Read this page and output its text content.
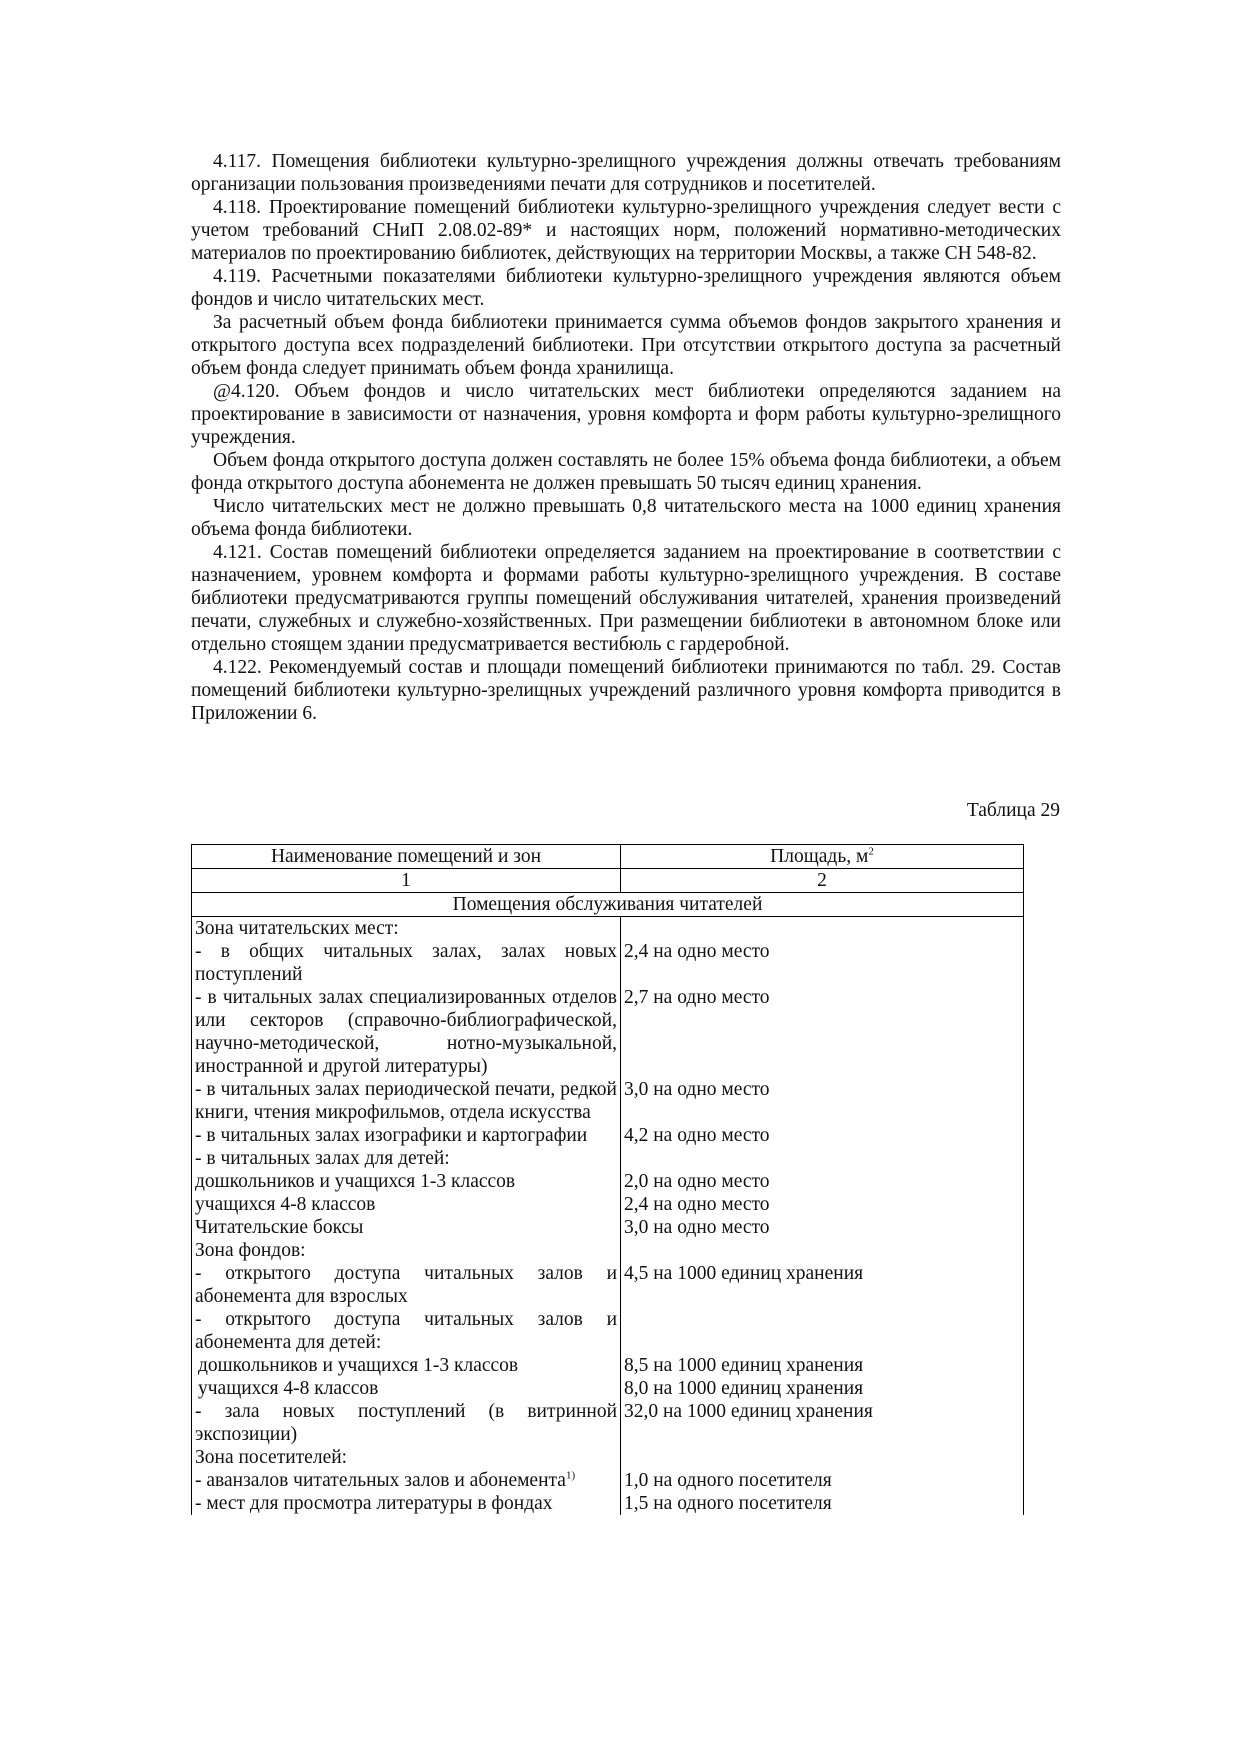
4.117. Помещения библиотеки культурно-зрелищного учреждения должны отвечать требованиям организации пользования произведениями печати для сотрудников и посетителей.

4.118. Проектирование помещений библиотеки культурно-зрелищного учреждения следует вести с учетом требований СНиП 2.08.02-89* и настоящих норм, положений нормативно-методических материалов по проектированию библиотек, действующих на территории Москвы, а также СН 548-82.

4.119. Расчетными показателями библиотеки культурно-зрелищного учреждения являются объем фондов и число читательских мест.

За расчетный объем фонда библиотеки принимается сумма объемов фондов закрытого хранения и открытого доступа всех подразделений библиотеки. При отсутствии открытого доступа за расчетный объем фонда следует принимать объем фонда хранилища.

@4.120. Объем фондов и число читательских мест библиотеки определяются заданием на проектирование в зависимости от назначения, уровня комфорта и форм работы культурно-зрелищного учреждения.

Объем фонда открытого доступа должен составлять не более 15% объема фонда библиотеки, а объем фонда открытого доступа абонемента не должен превышать 50 тысяч единиц хранения.

Число читательских мест не должно превышать 0,8 читательского места на 1000 единиц хранения объема фонда библиотеки.

4.121. Состав помещений библиотеки определяется заданием на проектирование в соответствии с назначением, уровнем комфорта и формами работы культурно-зрелищного учреждения. В составе библиотеки предусматриваются группы помещений обслуживания читателей, хранения произведений печати, служебных и служебно-хозяйственных. При размещении библиотеки в автономном блоке или отдельно стоящем здании предусматривается вестибюль с гардеробной.

4.122. Рекомендуемый состав и площади помещений библиотеки принимаются по табл. 29. Состав помещений библиотеки культурно-зрелищных учреждений различного уровня комфорта приводится в Приложении 6.

Таблица 29
Наименование помещений и зон	Площадь, $м^2$
1	2
Помещения обслуживания читателей	
Зона читательских мест:	
- в общих читальных залах, залах новых поступлений	2,4 на одно место
- в читальных залах специализированных отделов или секторов (справочно-библиографической, научно-методической, нотно-музыкальной, иностранной и другой литературы)	2,7 на одно место
- в читальных залах периодической печати, редкой книги, чтения микрофильмов, отдела искусства	3,0 на одно место
- в читальных залах изографики и картографии	4,2 на одно место
- в читальных залах для детей:	
дошкольников и учащихся 1-3 классов	2,0 на одно место
учащихся 4-8 классов	2,4 на одно место
Читательские боксы	3,0 на одно место
Зона фондов:	
- открытого доступа читальных залов и абонемента для взрослых	4,5 на 1000 единиц хранения
- открытого доступа читальных залов и абонемента для детей:	
дошкольников и учащихся 1-3 классов	8,5 на 1000 единиц хранения
учащихся 4-8 классов	8,0 на 1000 единиц хранения
- зала новых поступлений (в витринной экспозиции)	32,0 на 1000 единиц хранения
Зона посетителей:	
- аванзалов читательных залов и абонемента$^{1)}$	1,0 на одного посетителя
- мест для просмотра литературы в фондах	1,5 на одного посетителя
